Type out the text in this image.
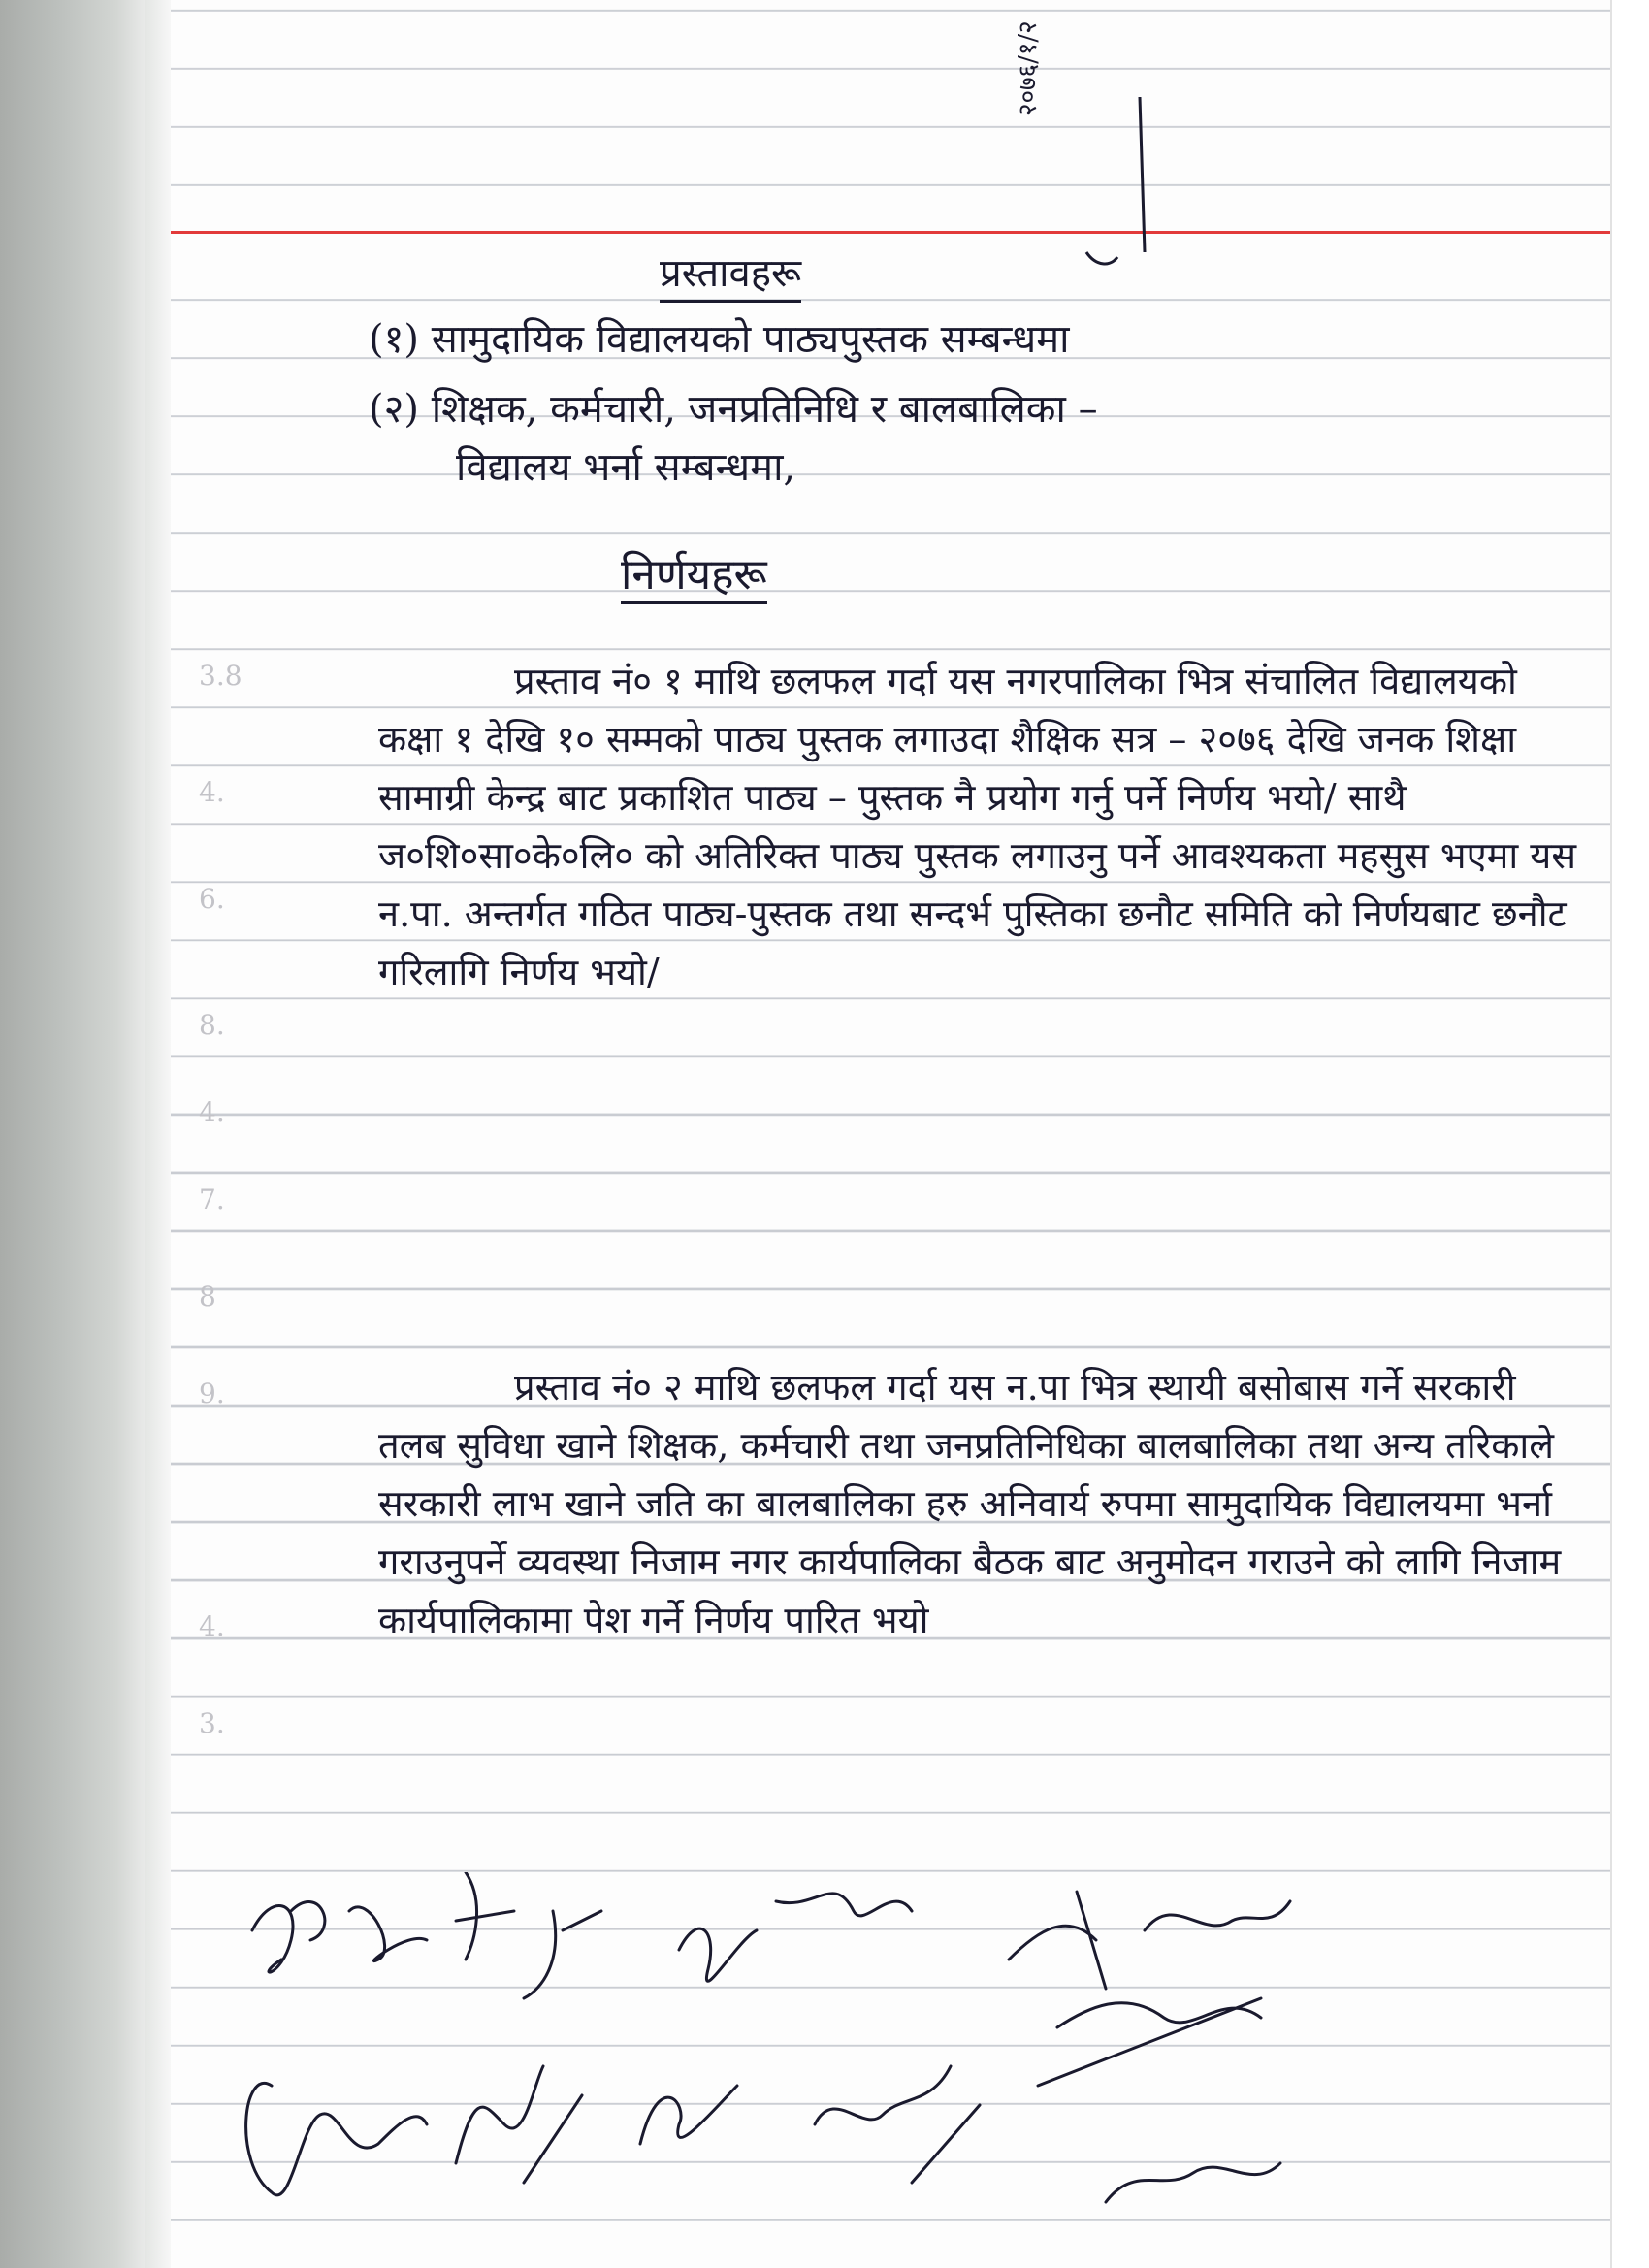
3.8
4.
6.
8.
4.
7.
8
9.
4.
3.
२०७६/१/२
प्रस्तावहरू
(१) सामुदायिक विद्यालयको पाठ्यपुस्तक सम्बन्धमा
(२) शिक्षक, कर्मचारी, जनप्रतिनिधि र बालबालिका –
विद्यालय भर्ना सम्बन्धमा,
निर्णयहरू
प्रस्ताव नं० १ माथि छलफल गर्दा यस नगरपालिका भित्र संचालित विद्यालयको कक्षा १ देखि १० सम्मको पाठ्य पुस्तक लगाउदा शैक्षिक सत्र – २०७६ देखि जनक शिक्षा सामाग्री केन्द्र बाट प्रकाशित पाठ्य – पुस्तक नै प्रयोग गर्नु पर्ने निर्णय भयो/ साथै ज०शि०सा०के०लि० को अतिरिक्त पाठ्य पुस्तक लगाउनु पर्ने आवश्यकता महसुस भएमा यस न.पा. अन्तर्गत गठित पाठ्य-पुस्तक तथा सन्दर्भ पुस्तिका छनौट समिति को निर्णयबाट छनौट गरिलागि निर्णय भयो/
प्रस्ताव नं० २ माथि छलफल गर्दा यस न.पा भित्र स्थायी बसोबास गर्ने सरकारी तलब सुविधा खाने शिक्षक, कर्मचारी तथा जनप्रतिनिधिका बालबालिका तथा अन्य तरिकाले सरकारी लाभ खाने जति का बालबालिका हरु अनिवार्य रुपमा सामुदायिक विद्यालयमा भर्ना गराउनुपर्ने व्यवस्था निजाम नगर कार्यपालिका बैठक बाट अनुमोदन गराउने को लागि निजाम कार्यपालिकामा पेश गर्ने निर्णय पारित भयो
